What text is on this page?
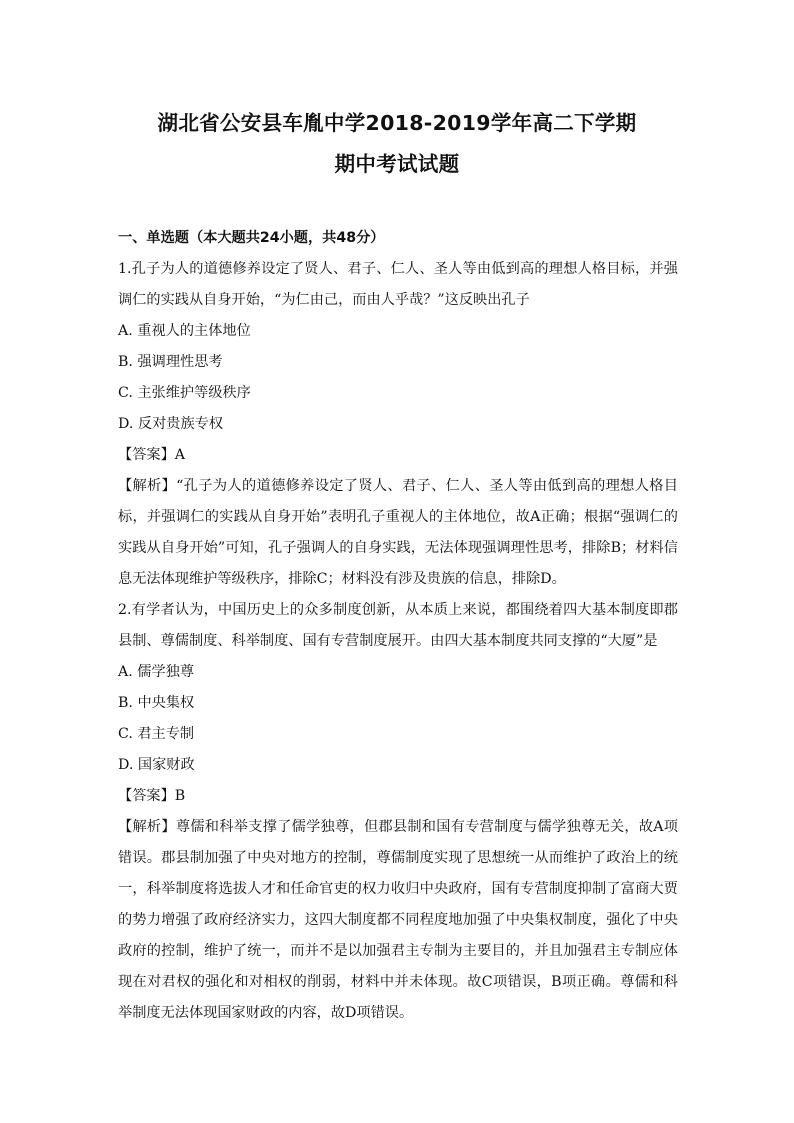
湖北省公安县车胤中学2018-2019学年高二下学期
期中考试试题

一、单选题（本大题共24小题，共48分）

1.孔子为人的道德修养设定了贤人、君子、仁人、圣人等由低到高的理想人格目标，并强调仁的实践从自身开始，“为仁由己，而由人乎哉？”这反映出孔子

A. 重视人的主体地位

B. 强调理性思考

C. 主张维护等级秩序

D. 反对贵族专权

【答案】A

【解析】“孔子为人的道德修养设定了贤人、君子、仁人、圣人等由低到高的理想人格目标，并强调仁的实践从自身开始”表明孔子重视人的主体地位，故A正确；根据“强调仁的实践从自身开始”可知，孔子强调人的自身实践，无法体现强调理性思考，排除B；材料信息无法体现维护等级秩序，排除C；材料没有涉及贵族的信息，排除D。

2.有学者认为，中国历史上的众多制度创新，从本质上来说，都围绕着四大基本制度即郡县制、尊儒制度、科举制度、国有专营制度展开。由四大基本制度共同支撑的“大厦”是

A. 儒学独尊

B. 中央集权

C. 君主专制

D. 国家财政

【答案】B

【解析】尊儒和科举支撑了儒学独尊，但郡县制和国有专营制度与儒学独尊无关，故A项错误。郡县制加强了中央对地方的控制，尊儒制度实现了思想统一从而维护了政治上的统一，科举制度将选拔人才和任命官吏的权力收归中央政府，国有专营制度抑制了富商大贾的势力增强了政府经济实力，这四大制度都不同程度地加强了中央集权制度，强化了中央政府的控制，维护了统一，而并不是以加强君主专制为主要目的，并且加强君主专制应体现在对君权的强化和对相权的削弱，材料中并未体现。故C项错误，B项正确。尊儒和科举制度无法体现国家财政的内容，故D项错误。
